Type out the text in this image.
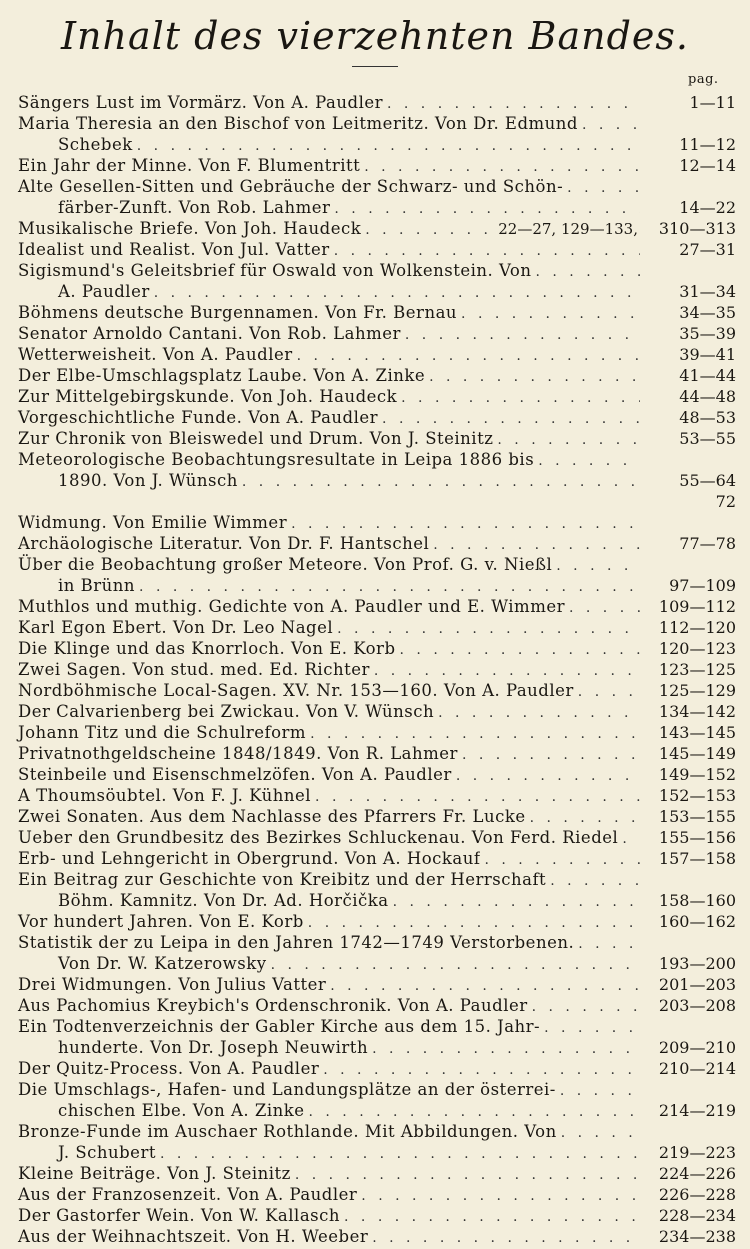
Inhalt des vierzehnten Bandes.
pag.
Sängers Lust im Vormärz. Von A. Paudler . . .	1—11
Maria Theresia an den Bischof von Leitmeritz. Von Dr. Edmund
. . .
Schebek . . .	11—12
Ein Jahr der Minne. Von F. Blumentritt . . .	12—14
Alte Gesellen-Sitten und Gebräuche der Schwarz- und Schön-
. . .
färber-Zunft. Von Rob. Lahmer . . .	14—22
Musikalische Briefe. Von Joh. Haudeck . . .	22—27, 129—133,	310—313
Idealist und Realist. Von Jul. Vatter . . .	27—31
Sigismund's Geleitsbrief für Oswald von Wolkenstein. Von
. . .
A. Paudler . . .	31—34
Böhmens deutsche Burgennamen. Von Fr. Bernau . . .	34—35
Senator Arnoldo Cantani. Von Rob. Lahmer . . .	35—39
Wetterweisheit. Von A. Paudler . . .	39—41
Der Elbe-Umschlagsplatz Laube. Von A. Zinke . . .	41—44
Zur Mittelgebirgskunde. Von Joh. Haudeck . . .	44—48
Vorgeschichtliche Funde. Von A. Paudler . . .	48—53
Zur Chronik von Bleiswedel und Drum. Von J. Steinitz . . .	53—55
Meteorologische Beobachtungsresultate in Leipa 1886 bis
. . .
1890. Von J. Wünsch . . .	55—64
72
Widmung. Von Emilie Wimmer
. . .
Archäologische Literatur. Von Dr. F. Hantschel . . .	77—78
Über die Beobachtung großer Meteore. Von Prof. G. v. Nießl
. . .
in Brünn . . .	97—109
Muthlos und muthig. Gedichte von A. Paudler und E. Wimmer . . .	109—112
Karl Egon Ebert. Von Dr. Leo Nagel . . .	112—120
Die Klinge und das Knorrloch. Von E. Korb . . .	120—123
Zwei Sagen. Von stud. med. Ed. Richter . . .	123—125
Nordböhmische Local-Sagen. XV. Nr. 153—160. Von A. Paudler . . .	125—129
Der Calvarienberg bei Zwickau. Von V. Wünsch . . .	134—142
Johann Titz und die Schulreform . . .	143—145
Privatnothgeldscheine 1848/1849. Von R. Lahmer . . .	145—149
Steinbeile und Eisenschmelzöfen. Von A. Paudler . . .	149—152
A Thoumsöubtel. Von F. J. Kühnel . . .	152—153
Zwei Sonaten. Aus dem Nachlasse des Pfarrers Fr. Lucke . . .	153—155
Ueber den Grundbesitz des Bezirkes Schluckenau. Von Ferd. Riedel . . .	155—156
Erb- und Lehngericht in Obergrund. Von A. Hockauf . . .	157—158
Ein Beitrag zur Geschichte von Kreibitz und der Herrschaft
. . .
Böhm. Kamnitz. Von Dr. Ad. Horčička . . .	158—160
Vor hundert Jahren. Von E. Korb . . .	160—162
Statistik der zu Leipa in den Jahren 1742—1749 Verstorbenen.
. . .
Von Dr. W. Katzerowsky . . .	193—200
Drei Widmungen. Von Julius Vatter . . .	201—203
Aus Pachomius Kreybich's Ordenschronik. Von A. Paudler . . .	203—208
Ein Todtenverzeichnis der Gabler Kirche aus dem 15. Jahr-
. . .
hunderte. Von Dr. Joseph Neuwirth . . .	209—210
Der Quitz-Process. Von A. Paudler . . .	210—214
Die Umschlags-, Hafen- und Landungsplätze an der österrei-
. . .
chischen Elbe. Von A. Zinke . . .	214—219
Bronze-Funde im Auschaer Rothlande. Mit Abbildungen. Von
. . .
J. Schubert . . .	219—223
Kleine Beiträge. Von J. Steinitz . . .	224—226
Aus der Franzosenzeit. Von A. Paudler . . .	226—228
Der Gastorfer Wein. Von W. Kallasch . . .	228—234
Aus der Weihnachtszeit. Von H. Weeber . . .	234—238
